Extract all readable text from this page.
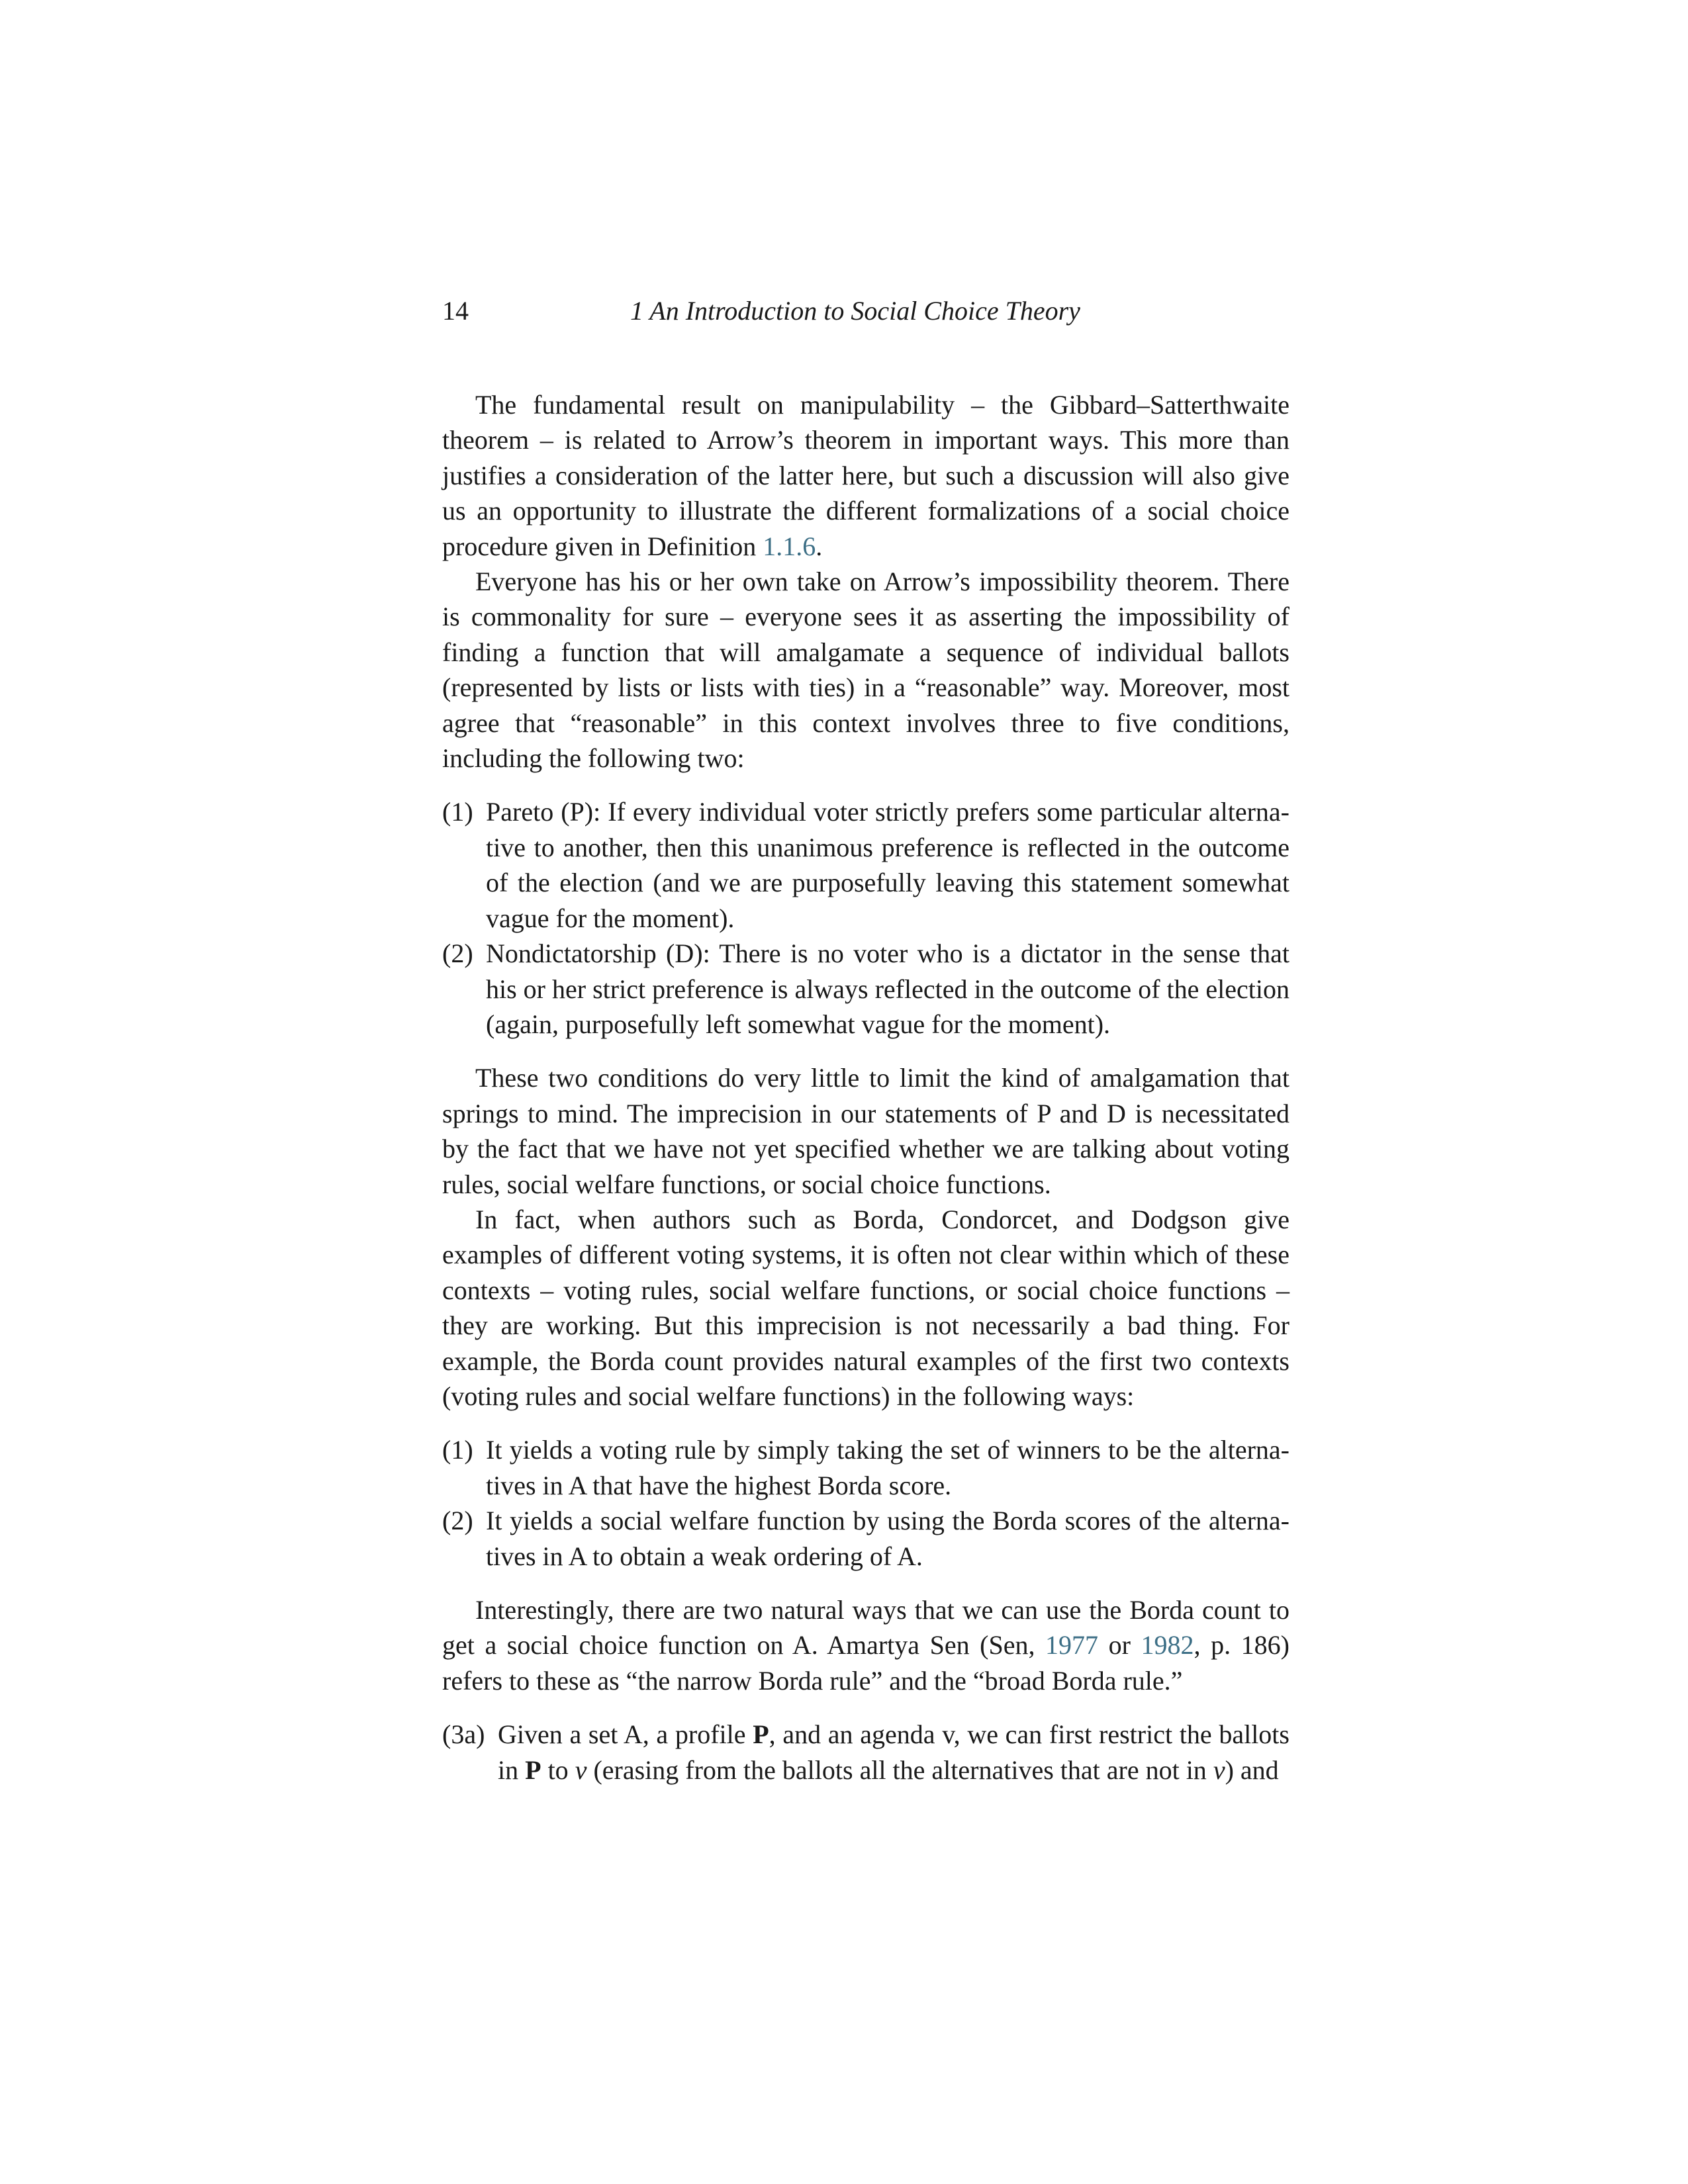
14	1 An Introduction to Social Choice Theory

The fundamental result on manipulability – the Gibbard–Satterthwaite theorem – is related to Arrow’s theorem in important ways. This more than justifies a consideration of the latter here, but such a discussion will also give us an opportunity to illustrate the different formalizations of a social choice procedure given in Definition 1.1.6.

Everyone has his or her own take on Arrow’s impossibility theorem. There is commonality for sure – everyone sees it as asserting the impossibility of finding a function that will amalgamate a sequence of individual ballots (represented by lists or lists with ties) in a “reasonable” way. Moreover, most agree that “reasonable” in this context involves three to five conditions, including the following two:

(1) Pareto (P): If every individual voter strictly prefers some particular alternative to another, then this unanimous preference is reflected in the outcome of the election (and we are purposefully leaving this statement somewhat vague for the moment).
(2) Nondictatorship (D): There is no voter who is a dictator in the sense that his or her strict preference is always reflected in the outcome of the election (again, purposefully left somewhat vague for the moment).

These two conditions do very little to limit the kind of amalgamation that springs to mind. The imprecision in our statements of P and D is necessitated by the fact that we have not yet specified whether we are talking about voting rules, social welfare functions, or social choice functions.

In fact, when authors such as Borda, Condorcet, and Dodgson give examples of different voting systems, it is often not clear within which of these contexts – voting rules, social welfare functions, or social choice functions – they are working. But this imprecision is not necessarily a bad thing. For example, the Borda count provides natural examples of the first two contexts (voting rules and social welfare functions) in the following ways:

(1) It yields a voting rule by simply taking the set of winners to be the alternatives in A that have the highest Borda score.
(2) It yields a social welfare function by using the Borda scores of the alternatives in A to obtain a weak ordering of A.

Interestingly, there are two natural ways that we can use the Borda count to get a social choice function on A. Amartya Sen (Sen, 1977 or 1982, p. 186) refers to these as “the narrow Borda rule” and the “broad Borda rule.”

(3a) Given a set A, a profile P, and an agenda v, we can first restrict the ballots in P to v (erasing from the ballots all the alternatives that are not in v) and
